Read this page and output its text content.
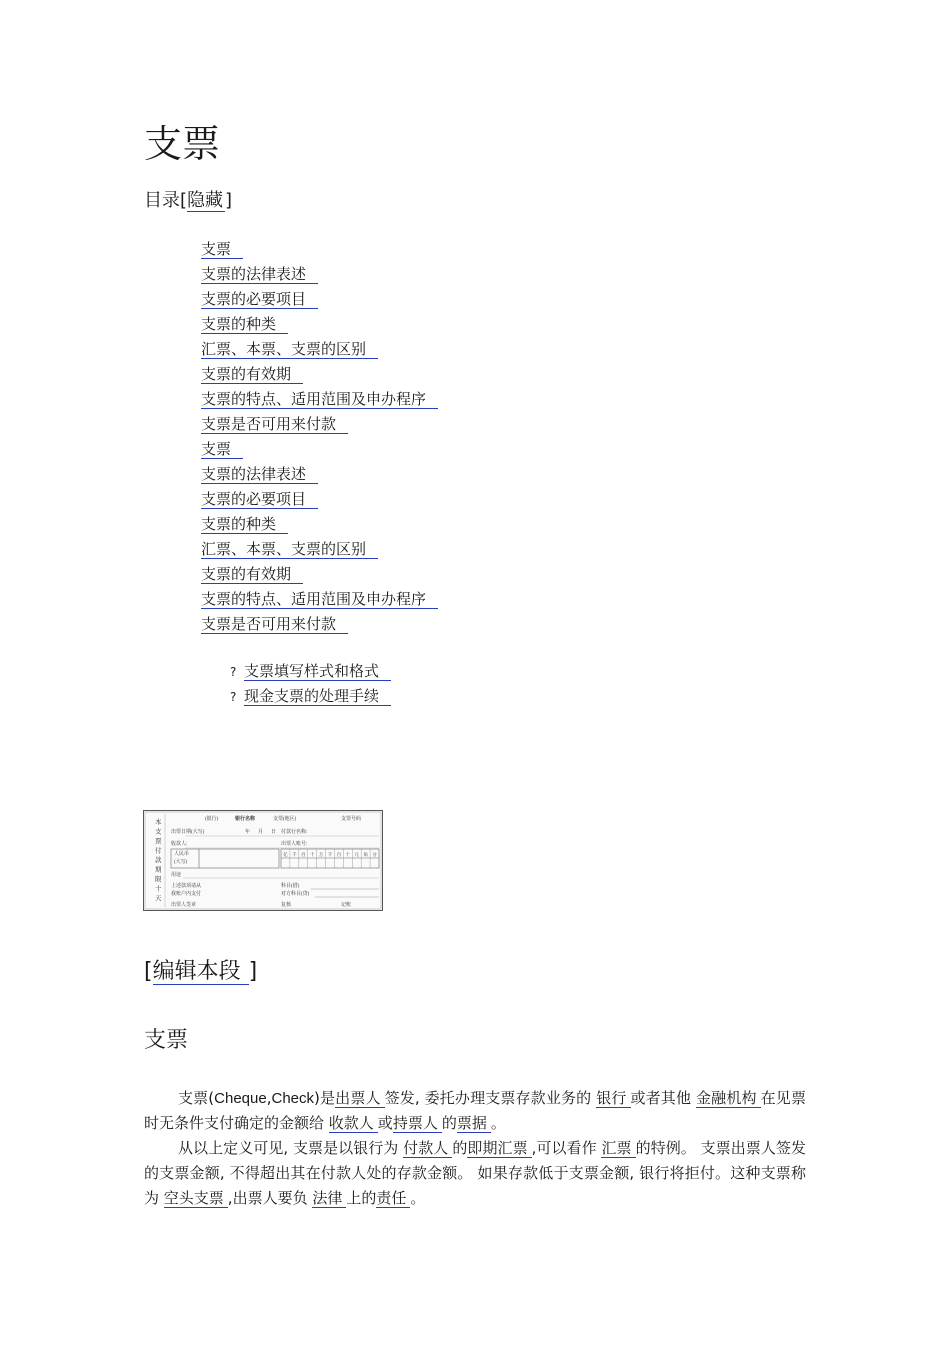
支票
目录[隐藏 ]
支票
支票的法律表述
支票的必要项目
支票的种类
汇票、本票、支票的区别
支票的有效期
支票的特点、适用范围及申办程序
支票是否可用来付款
支票
支票的法律表述
支票的必要项目
支票的种类
汇票、本票、支票的区别
支票的有效期
支票的特点、适用范围及申办程序
支票是否可用来付款
? 支票填写样式和格式
? 现金支票的处理手续
本支票付款期限十天
(银行)	银行名称	支票(地区)	支票号码
出票日期(大写)	年 月 日 付款行名称:
收款人:	出票人账号:
人民币
(大写)
用途
上述款项请从	科目(借)
我账户内支付	对方科目(贷)
出票人签章	复核	记账
亿 千 百 十 万 千 百 十 元 角 分
[编辑本段 ]
支票

支票(Cheque,Check)是出票人 签发, 委托办理支票存款业务的 银行 或者其他 金融机构 在见票时无条件支付确定的金额给 收款人 或持票人 的票据 。

从以上定义可见, 支票是以银行为 付款人 的即期汇票 ,可以看作 汇票 的特例。 支票出票人签发的支票金额, 不得超出其在付款人处的存款金额。 如果存款低于支票金额, 银行将拒付。这种支票称为 空头支票 ,出票人要负 法律 上的责任 。
